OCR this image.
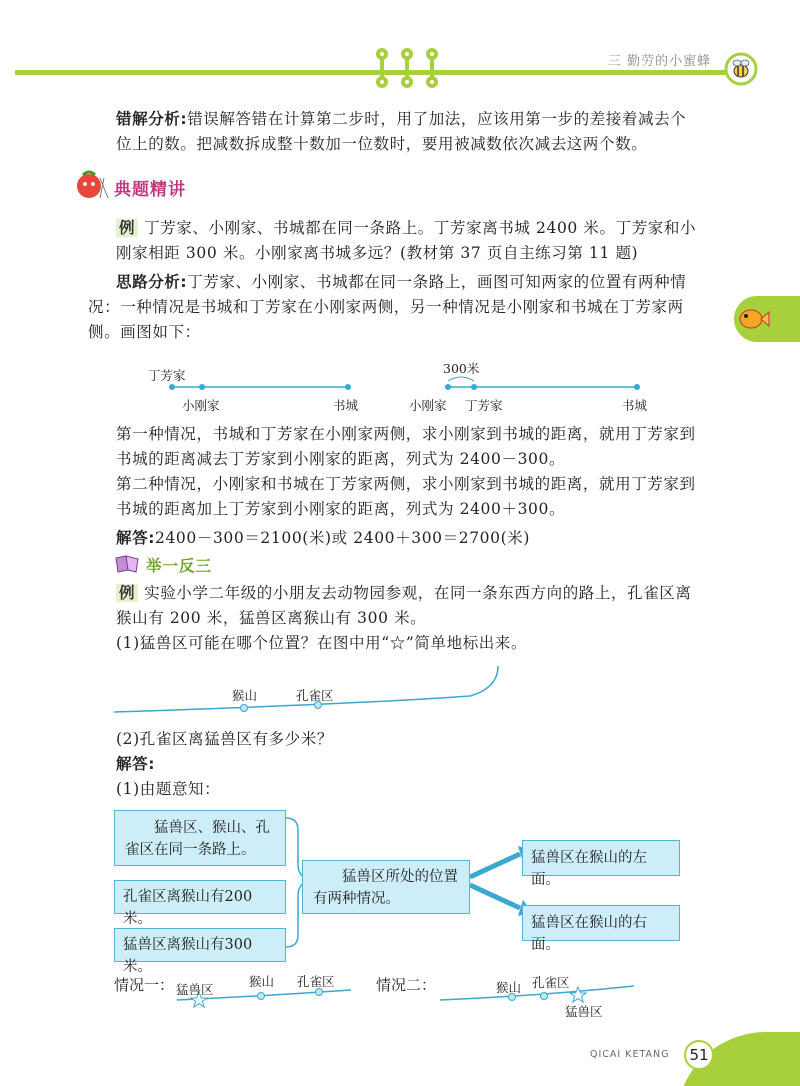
三 勤劳的小蜜蜂
错解分析:错误解答错在计算第二步时，用了加法，应该用第一步的差接着减去个
位上的数。把减数拆成整十数加一位数时，要用被减数依次减去这两个数。
典题精讲
例 丁芳家、小刚家、书城都在同一条路上。丁芳家离书城 2400 米。丁芳家和小
刚家相距 300 米。小刚家离书城多远？(教材第 37 页自主练习第 11 题)
思路分析:丁芳家、小刚家、书城都在同一条路上，画图可知两家的位置有两种情
况：一种情况是书城和丁芳家在小刚家两侧，另一种情况是小刚家和书城在丁芳家两
侧。画图如下：
丁芳家
小刚家	书城
300米
小刚家 丁芳家	书城
第一种情况，书城和丁芳家在小刚家两侧，求小刚家到书城的距离，就用丁芳家到
书城的距离减去丁芳家到小刚家的距离，列式为 2400－300。
第二种情况，小刚家和书城在丁芳家两侧，求小刚家到书城的距离，就用丁芳家到
书城的距离加上丁芳家到小刚家的距离，列式为 2400＋300。
解答:2400－300＝2100(米)或 2400＋300＝2700(米)
举一反三
例 实验小学二年级的小朋友去动物园参观，在同一条东西方向的路上，孔雀区离
猴山有 200 米，猛兽区离猴山有 300 米。
(1)猛兽区可能在哪个位置？在图中用“☆”简单地标出来。
猴山	孔雀区
(2)孔雀区离猛兽区有多少米？
解答:
(1)由题意知：
猛兽区、猴山、孔雀区在同一条路上。
孔雀区离猴山有200米。
猛兽区离猴山有300米。
猛兽区所处的位置有两种情况。
猛兽区在猴山的左面。
猛兽区在猴山的右面。
情况一： 猛兽区
猴山 孔雀区	情况二：	猴山 孔雀区
猛兽区
QICAI KETANG	51
